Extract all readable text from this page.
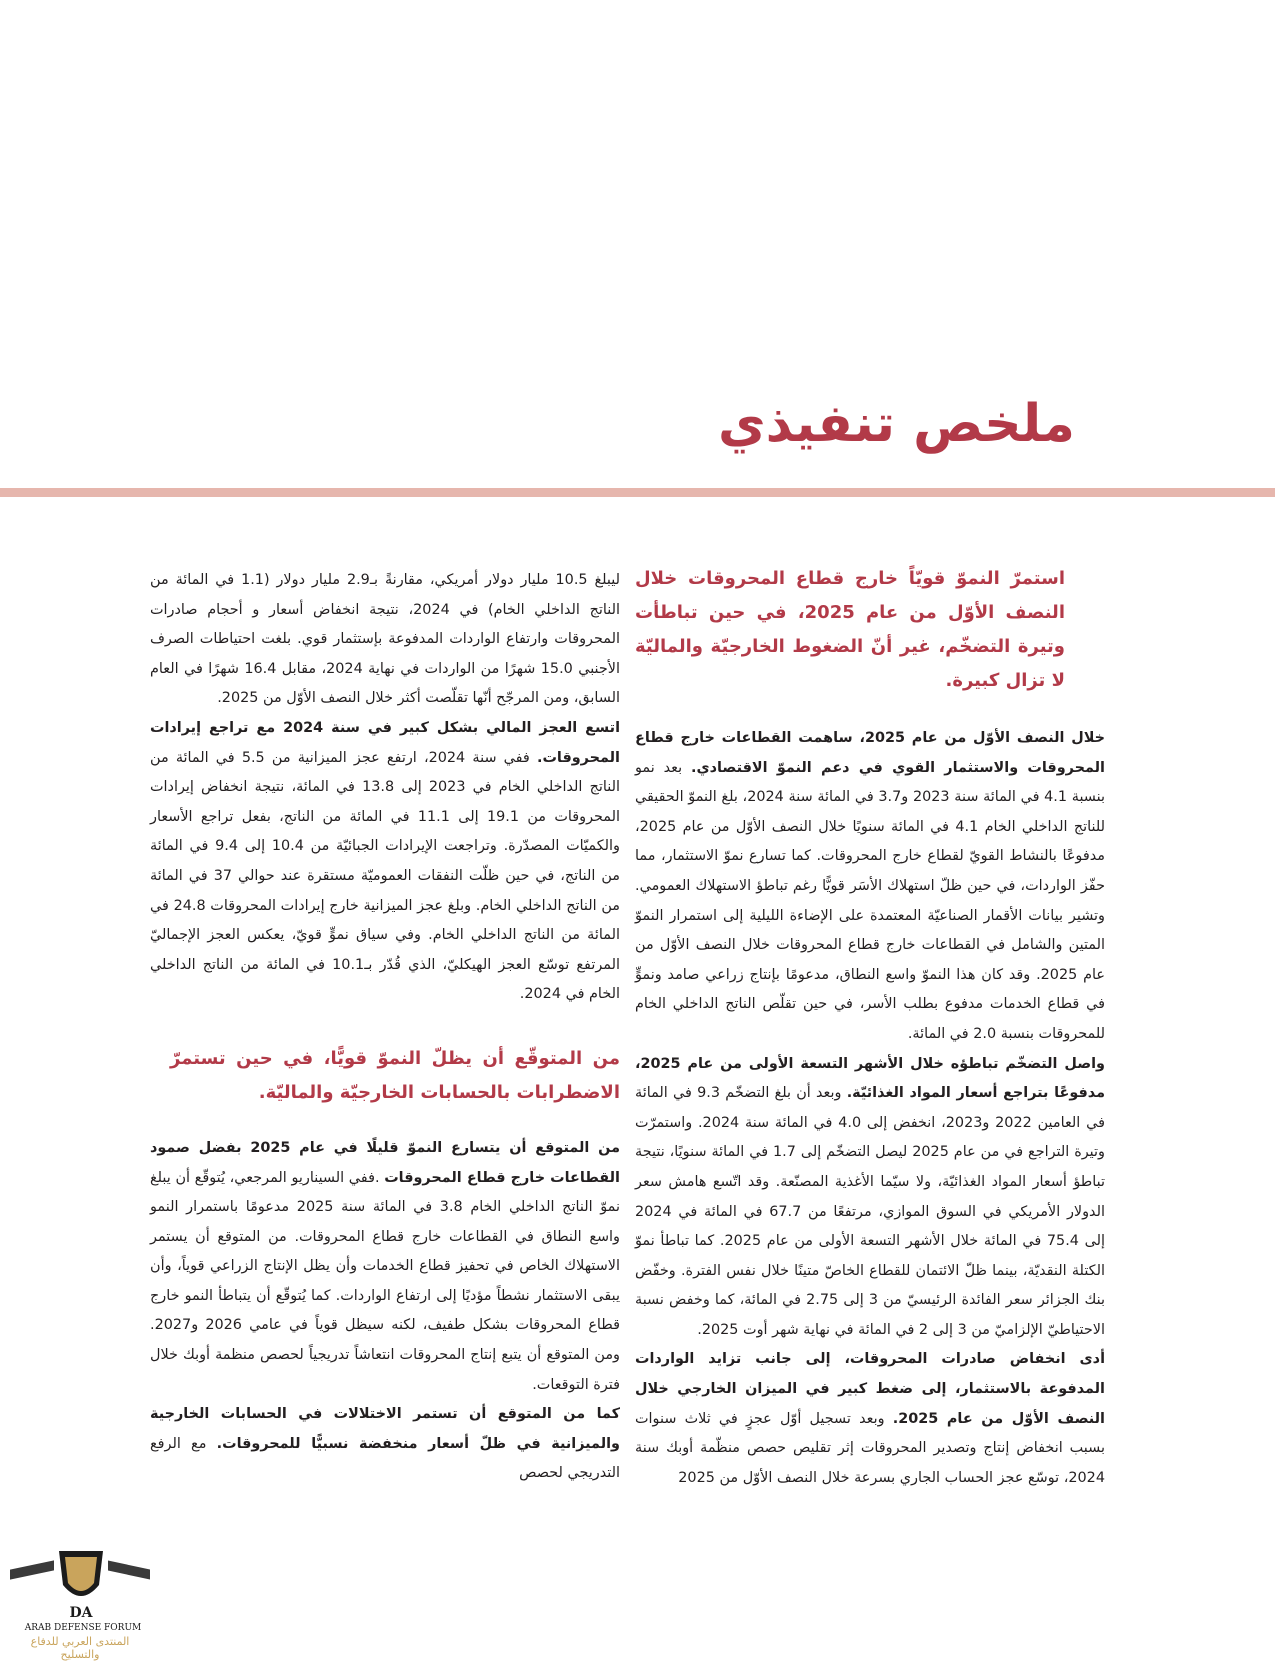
ملخص تنفيذي

استمرّ النموّ قويّاً خارج قطاع المحروقات خلال النصف الأوّل من عام 2025، في حين تباطأت وتيرة التضخّم، غير أنّ الضغوط الخارجيّة والماليّة لا تزال كبيرة.

خلال النصف الأوّل من عام 2025، ساهمت القطاعات خارج قطاع المحروقات والاستثمار القوي في دعم النموّ الاقتصادي. بعد نمو بنسبة 4.1 في المائة سنة 2023 و3.7 في المائة سنة 2024، بلغ النموّ الحقيقي للناتج الداخلي الخام 4.1 في المائة سنويًا خلال النصف الأوّل من عام 2025، مدفوعًا بالنشاط القويّ لقطاع خارج المحروقات. كما تسارع نموّ الاستثمار، مما حفّز الواردات، في حين ظلّ استهلاك الأسَر قويًّا رغم تباطؤ الاستهلاك العمومي. وتشير بيانات الأقمار الصناعيّة المعتمدة على الإضاءة الليلية إلى استمرار النموّ المتين والشامل في القطاعات خارج قطاع المحروقات خلال النصف الأوّل من عام 2025. وقد كان هذا النموّ واسع النطاق، مدعومًا بإنتاج زراعي صامد ونموٍّ في قطاع الخدمات مدفوع بطلب الأسر، في حين تقلّص الناتج الداخلي الخام للمحروقات بنسبة 2.0 في المائة.

واصل التضخّم تباطؤه خلال الأشهر التسعة الأولى من عام 2025، مدفوعًا بتراجع أسعار المواد الغذائيّة. وبعد أن بلغ التضخّم 9.3 في المائة في العامين 2022 و2023، انخفض إلى 4.0 في المائة سنة 2024. واستمرّت وتيرة التراجع في من عام 2025 ليصل التضخّم إلى 1.7 في المائة سنويًا، نتيجة تباطؤ أسعار المواد الغذائيّة، ولا سيّما الأغذية المصنّعة. وقد اتّسع هامش سعر الدولار الأمريكي في السوق الموازي، مرتفعًا من 67.7 في المائة في 2024 إلى 75.4 في المائة خلال الأشهر التسعة الأولى من عام 2025. كما تباطأ نموّ الكتلة النقديّة، بينما ظلّ الائتمان للقطاع الخاصّ متينًا خلال نفس الفترة. وخفّض بنك الجزائر سعر الفائدة الرئيسيّ من 3 إلى 2.75 في المائة، كما وخفض نسبة الاحتياطيّ الإلزاميّ من 3 إلى 2 في المائة في نهاية شهر أوت 2025.

أدى انخفاض صادرات المحروقات، إلى جانب تزايد الواردات المدفوعة بالاستثمار، إلى ضغط كبير في الميزان الخارجي خلال النصف الأوّل من عام 2025. وبعد تسجيل أوّل عجزٍ في ثلاث سنوات بسبب انخفاض إنتاج وتصدير المحروقات إثر تقليص حصص منظّمة أوبك سنة 2024، توسّع عجز الحساب الجاري بسرعة خلال النصف الأوّل من 2025

ليبلغ 10.5 مليار دولار أمريكي، مقارنةً بـ2.9 مليار دولار (1.1 في المائة من الناتج الداخلي الخام) في 2024، نتيجة انخفاض أسعار و أحجام صادرات المحروقات وارتفاع الواردات المدفوعة بإستثمار قوي. بلغت احتياطات الصرف الأجنبي 15.0 شهرًا من الواردات في نهاية 2024، مقابل 16.4 شهرًا في العام السابق، ومن المرجّح أنّها تقلّصت أكثر خلال النصف الأوّل من 2025.

اتسع العجز المالي بشكل كبير في سنة 2024 مع تراجع إيرادات المحروقات. ففي سنة 2024، ارتفع عجز الميزانية من 5.5 في المائة من الناتج الداخلي الخام في 2023 إلى 13.8 في المائة، نتيجة انخفاض إيرادات المحروقات من 19.1 إلى 11.1 في المائة من الناتج، بفعل تراجع الأسعار والكميّات المصدّرة. وتراجعت الإيرادات الجبائيّة من 10.4 إلى 9.4 في المائة من الناتج، في حين ظلّت النفقات العموميّة مستقرة عند حوالي 37 في المائة من الناتج الداخلي الخام. وبلغ عجز الميزانية خارج إيرادات المحروقات 24.8 في المائة من الناتج الداخلي الخام. وفي سياق نموٍّ قويّ، يعكس العجز الإجماليّ المرتفع توسّع العجز الهيكليّ، الذي قُدّر بـ10.1 في المائة من الناتج الداخلي الخام في 2024.

من المتوقّع أن يظلّ النموّ قويًّا، في حين تستمرّ الاضطرابات بالحسابات الخارجيّة والماليّة.

من المتوقع أن يتسارع النموّ قليلًا في عام 2025 بفضل صمود القطاعات خارج قطاع المحروقات .ففي السيناريو المرجعي، يُتوقّع أن يبلغ نموّ الناتج الداخلي الخام 3.8 في المائة سنة 2025 مدعومًا باستمرار النمو واسع النطاق في القطاعات خارج قطاع المحروقات. من المتوقع أن يستمر الاستهلاك الخاص في تحفيز قطاع الخدمات وأن يظل الإنتاج الزراعي قوياً، وأن يبقى الاستثمار نشطاً مؤديًا إلى ارتفاع الواردات. كما يُتوقّع أن يتباطأ النمو خارج قطاع المحروقات بشكل طفيف، لكنه سيظل قوياً في عامي 2026 و2027. ومن المتوقع أن يتبع إنتاج المحروقات انتعاشاً تدريجياً لحصص منظمة أوبك خلال فترة التوقعات.

كما من المتوقع أن تستمر الاختلالات في الحسابات الخارجية والميزانية في ظلّ أسعار منخفضة نسبيًّا للمحروقات. مع الرفع التدريجي لحصص

DA
ARAB DEFENSE FORUM
المنتدى العربي للدفاع والتسليح
